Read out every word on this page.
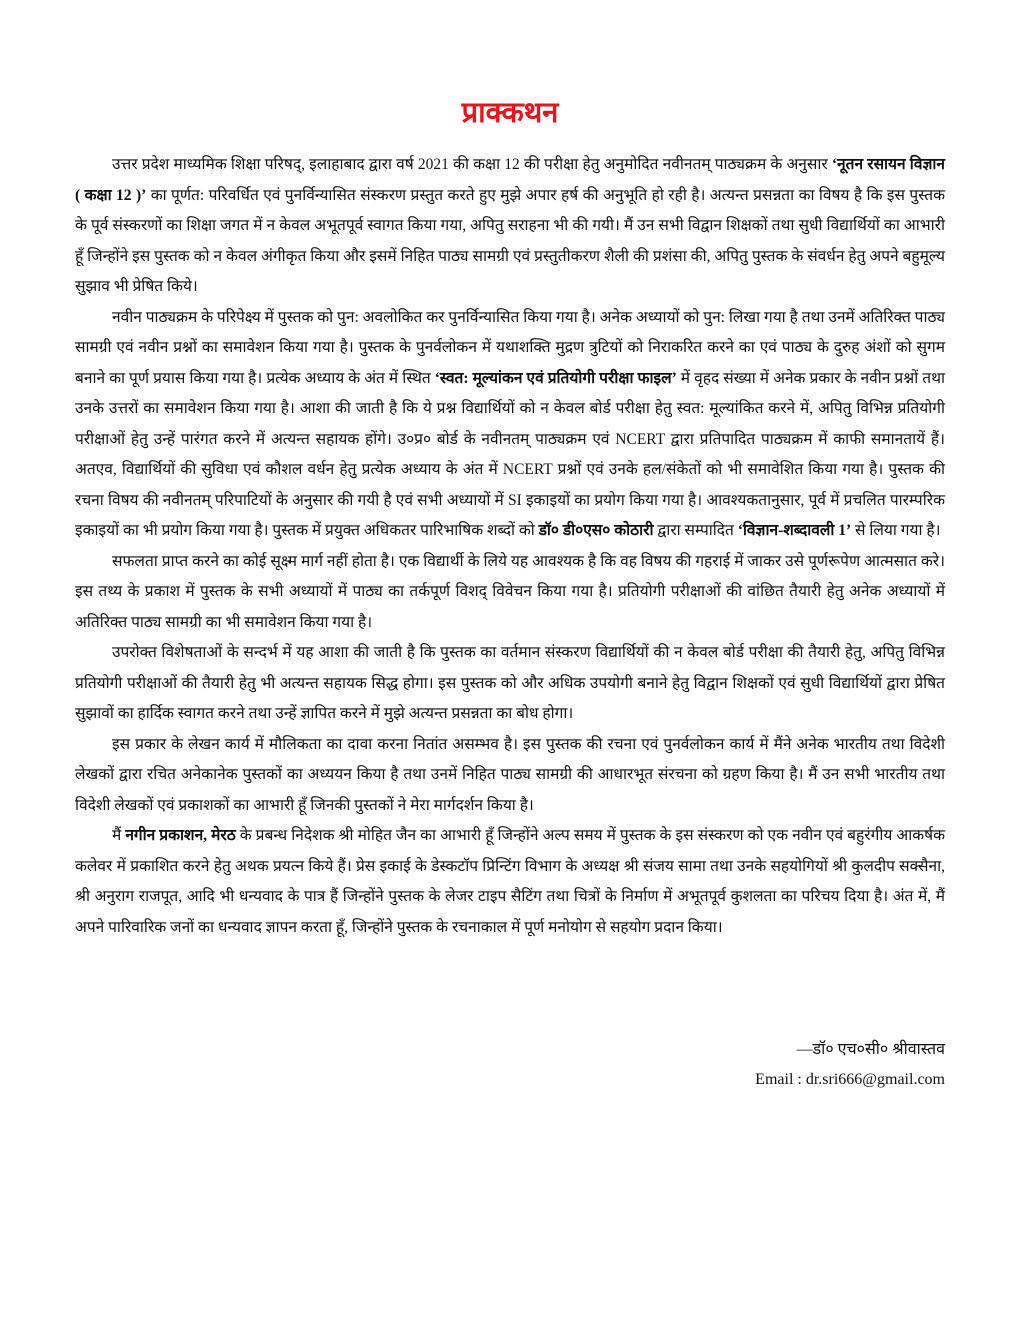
प्राक्कथन

उत्तर प्रदेश माध्यमिक शिक्षा परिषद्, इलाहाबाद द्वारा वर्ष 2021 की कक्षा 12 की परीक्षा हेतु अनुमोदित नवीनतम् पाठ्यक्रम के अनुसार ‘नूतन रसायन विज्ञान ( कक्षा 12 )’ का पूर्णत: परिवर्धित एवं पुनर्विन्यासित संस्करण प्रस्तुत करते हुए मुझे अपार हर्ष की अनुभूति हो रही है। अत्यन्त प्रसन्नता का विषय है कि इस पुस्तक के पूर्व संस्करणों का शिक्षा जगत में न केवल अभूतपूर्व स्वागत किया गया, अपितु सराहना भी की गयी। मैं उन सभी विद्वान शिक्षकों तथा सुधी विद्यार्थियों का आभारी हूँ जिन्होंने इस पुस्तक को न केवल अंगीकृत किया और इसमें निहित पाठ्य सामग्री एवं प्रस्तुतीकरण शैली की प्रशंसा की, अपितु पुस्तक के संवर्धन हेतु अपने बहुमूल्य सुझाव भी प्रेषित किये।

नवीन पाठ्यक्रम के परिपेक्ष्य में पुस्तक को पुन: अवलोकित कर पुनर्विन्यासित किया गया है। अनेक अध्यायों को पुन: लिखा गया है तथा उनमें अतिरिक्त पाठ्य सामग्री एवं नवीन प्रश्नों का समावेशन किया गया है। पुस्तक के पुनर्वलोकन में यथाशक्ति मुद्रण त्रुटियों को निराकरित करने का एवं पाठ्य के दुरुह अंशों को सुगम बनाने का पूर्ण प्रयास किया गया है। प्रत्येक अध्याय के अंत में स्थित ‘स्वत: मूल्यांकन एवं प्रतियोगी परीक्षा फाइल’ में वृहद संख्या में अनेक प्रकार के नवीन प्रश्नों तथा उनके उत्तरों का समावेशन किया गया है। आशा की जाती है कि ये प्रश्न विद्यार्थियों को न केवल बोर्ड परीक्षा हेतु स्वत: मूल्यांकित करने में, अपितु विभिन्न प्रतियोगी परीक्षाओं हेतु उन्हें पारंगत करने में अत्यन्त सहायक होंगे। उ०प्र० बोर्ड के नवीनतम् पाठ्यक्रम एवं NCERT द्वारा प्रतिपादित पाठ्यक्रम में काफी समानतायें हैं। अतएव, विद्यार्थियों की सुविधा एवं कौशल वर्धन हेतु प्रत्येक अध्याय के अंत में NCERT प्रश्नों एवं उनके हल/संकेतों को भी समावेशित किया गया है। पुस्तक की रचना विषय की नवीनतम् परिपाटियों के अनुसार की गयी है एवं सभी अध्यायों में SI इकाइयों का प्रयोग किया गया है। आवश्यकतानुसार, पूर्व में प्रचलित पारम्परिक इकाइयों का भी प्रयोग किया गया है। पुस्तक में प्रयुक्त अधिकतर पारिभाषिक शब्दों को डॉ० डी०एस० कोठारी द्वारा सम्पादित ‘विज्ञान-शब्दावली 1’ से लिया गया है।

सफलता प्राप्त करने का कोई सूक्ष्म मार्ग नहीं होता है। एक विद्यार्थी के लिये यह आवश्यक है कि वह विषय की गहराई में जाकर उसे पूर्णरूपेण आत्मसात करे। इस तथ्य के प्रकाश में पुस्तक के सभी अध्यायों में पाठ्य का तर्कपूर्ण विशद् विवेचन किया गया है। प्रतियोगी परीक्षाओं की वांछित तैयारी हेतु अनेक अध्यायों में अतिरिक्त पाठ्य सामग्री का भी समावेशन किया गया है।

उपरोक्त विशेषताओं के सन्दर्भ में यह आशा की जाती है कि पुस्तक का वर्तमान संस्करण विद्यार्थियों की न केवल बोर्ड परीक्षा की तैयारी हेतु, अपितु विभिन्न प्रतियोगी परीक्षाओं की तैयारी हेतु भी अत्यन्त सहायक सिद्ध होगा। इस पुस्तक को और अधिक उपयोगी बनाने हेतु विद्वान शिक्षकों एवं सुधी विद्यार्थियों द्वारा प्रेषित सुझावों का हार्दिक स्वागत करने तथा उन्हें ज्ञापित करने में मुझे अत्यन्त प्रसन्नता का बोध होगा।

इस प्रकार के लेखन कार्य में मौलिकता का दावा करना नितांत असम्भव है। इस पुस्तक की रचना एवं पुनर्वलोकन कार्य में मैंने अनेक भारतीय तथा विदेशी लेखकों द्वारा रचित अनेकानेक पुस्तकों का अध्ययन किया है तथा उनमें निहित पाठ्य सामग्री की आधारभूत संरचना को ग्रहण किया है। मैं उन सभी भारतीय तथा विदेशी लेखकों एवं प्रकाशकों का आभारी हूँ जिनकी पुस्तकों ने मेरा मार्गदर्शन किया है।

मैं नगीन प्रकाशन, मेरठ के प्रबन्ध निदेशक श्री मोहित जैन का आभारी हूँ जिन्होंने अल्प समय में पुस्तक के इस संस्करण को एक नवीन एवं बहुरंगीय आकर्षक कलेवर में प्रकाशित करने हेतु अथक प्रयत्न किये हैं। प्रेस इकाई के डेस्कटॉप प्रिन्टिंग विभाग के अध्यक्ष श्री संजय सामा तथा उनके सहयोगियों श्री कुलदीप सक्सैना, श्री अनुराग राजपूत, आदि भी धन्यवाद के पात्र हैं जिन्होंने पुस्तक के लेजर टाइप सैटिंग तथा चित्रों के निर्माण में अभूतपूर्व कुशलता का परिचय दिया है। अंत में, मैं अपने पारिवारिक जनों का धन्यवाद ज्ञापन करता हूँ, जिन्होंने पुस्तक के रचनाकाल में पूर्ण मनोयोग से सहयोग प्रदान किया।

—डॉ० एच०सी० श्रीवास्तव
Email : dr.sri666@gmail.com
